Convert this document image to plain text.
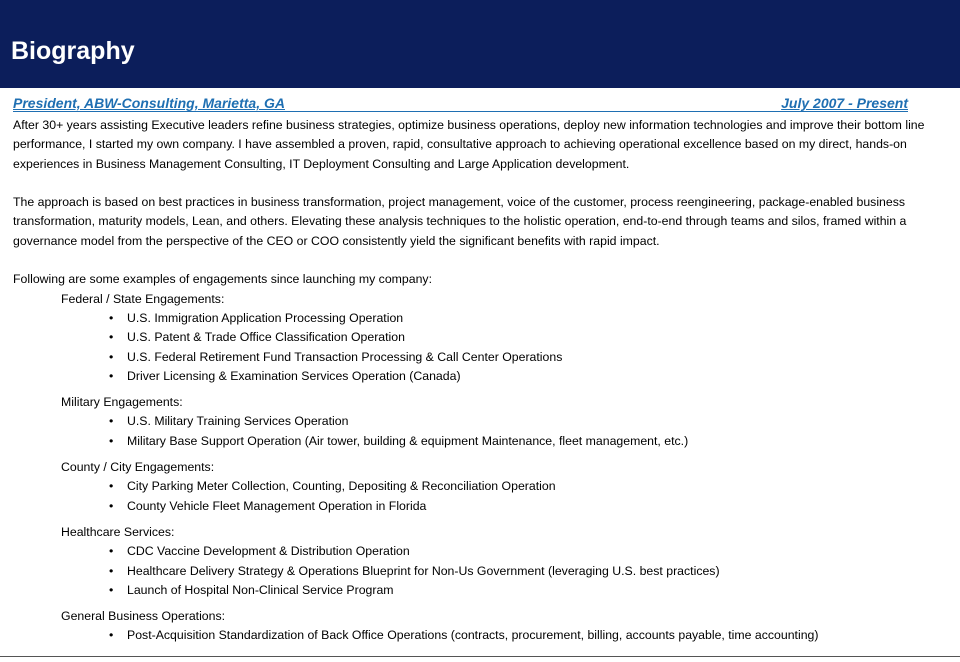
Biography
President, ABW-Consulting, Marietta, GA	July 2007 - Present

After 30+ years assisting Executive leaders refine business strategies, optimize business operations, deploy new information technologies and improve their bottom line performance, I started my own company. I have assembled a proven, rapid, consultative approach to achieving operational excellence based on my direct, hands-on experiences in Business Management Consulting, IT Deployment Consulting and Large Application development.

The approach is based on best practices in business transformation, project management, voice of the customer, process reengineering, package-enabled business transformation, maturity models, Lean, and others. Elevating these analysis techniques to the holistic operation, end-to-end through teams and silos, framed within a governance model from the perspective of the CEO or COO consistently yield the significant benefits with rapid impact.

Following are some examples of engagements since launching my company:

Federal / State Engagements:
• U.S. Immigration Application Processing Operation
• U.S. Patent & Trade Office Classification Operation
• U.S. Federal Retirement Fund Transaction Processing & Call Center Operations
• Driver Licensing & Examination Services Operation (Canada)
Military Engagements:
• U.S. Military Training Services Operation
• Military Base Support Operation (Air tower, building & equipment Maintenance, fleet management, etc.)
County / City Engagements:
• City Parking Meter Collection, Counting, Depositing & Reconciliation Operation
• County Vehicle Fleet Management Operation in Florida
Healthcare Services:
• CDC Vaccine Development & Distribution Operation
• Healthcare Delivery Strategy & Operations Blueprint for Non-Us Government (leveraging U.S. best practices)
• Launch of Hospital Non-Clinical Service Program
General Business Operations:
• Post-Acquisition Standardization of Back Office Operations (contracts, procurement, billing, accounts payable, time accounting)
